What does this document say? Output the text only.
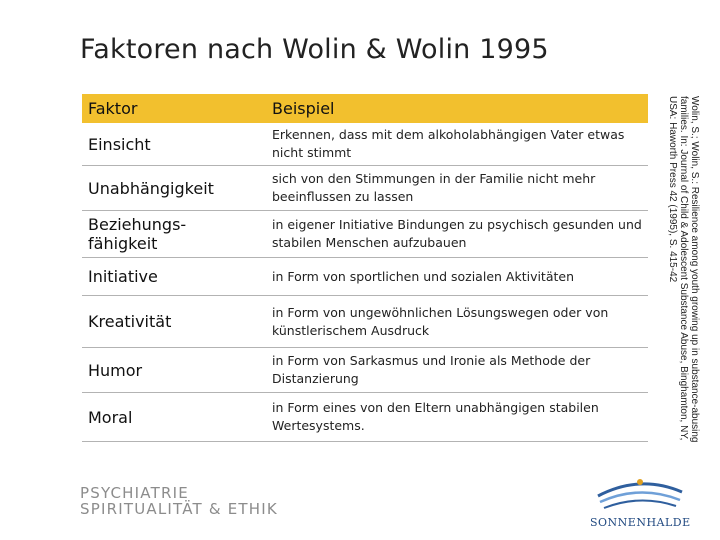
Faktoren nach Wolin & Wolin 1995
Faktor	Beispiel
Einsicht	Erkennen, dass mit dem alkoholabhängigen Vater etwas nicht stimmt
Unabhängigkeit	sich von den Stimmungen in der Familie nicht mehr beeinflussen zu lassen
Beziehungs-fähigkeit	in eigener Initiative Bindungen zu psychisch gesunden und stabilen Menschen aufzubauen
Initiative	in Form von sportlichen und sozialen Aktivitäten
Kreativität	in Form von ungewöhnlichen Lösungswegen oder von künstlerischem Ausdruck
Humor	in Form von Sarkasmus und Ironie als Methode der Distanzierung
Moral	in Form eines von den Eltern unabhängigen stabilen Wertesystems.	Wolin, S.; Wolin, S.: Resilience among youth growing up in substance-abusing
families. In: Journal of Child & Adolescent Substance Abuse, Binghamton, NY,
USA: Haworth Press 42 (1995), S. 415-42
PSYCHIATRIE
SPIRITUALITÄT & ETHIK
SONNENHALDE
